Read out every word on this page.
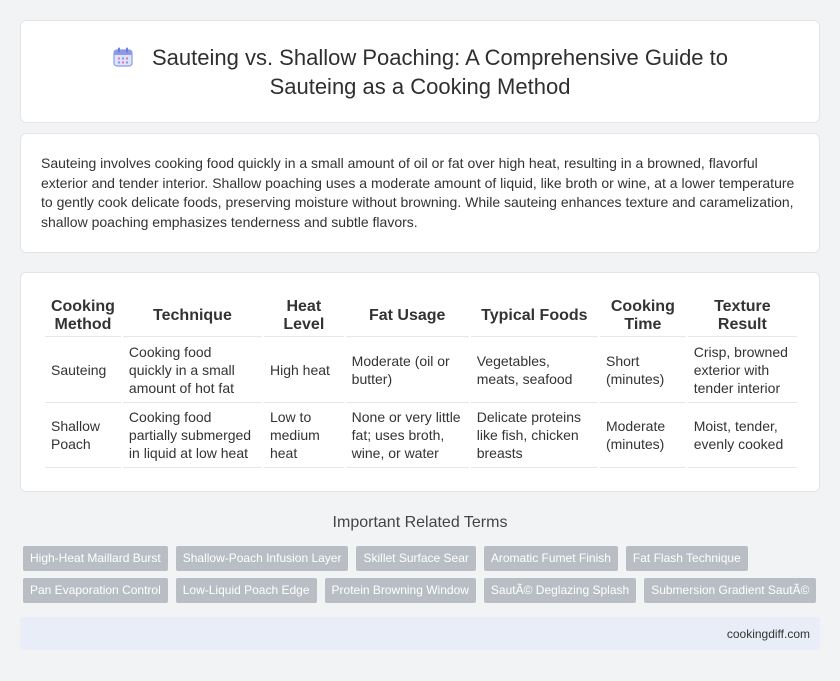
Sauteing vs. Shallow Poaching: A Comprehensive Guide to
Sauteing as a Cooking Method

Sauteing involves cooking food quickly in a small amount of oil or fat over high heat, resulting in a browned, flavorful exterior and tender interior. Shallow poaching uses a moderate amount of liquid, like broth or wine, at a lower temperature to gently cook delicate foods, preserving moisture without browning. While sauteing enhances texture and caramelization, shallow poaching emphasizes tenderness and subtle flavors.

Cooking Method	Technique	Heat Level	Fat Usage	Typical Foods	Cooking Time	Texture Result
Sauteing	Cooking food quickly in a small amount of hot fat	High heat	Moderate (oil or butter)	Vegetables, meats, seafood	Short (minutes)	Crisp, browned exterior with tender interior
Shallow Poach	Cooking food partially submerged in liquid at low heat	Low to medium heat	None or very little fat; uses broth, wine, or water	Delicate proteins like fish, chicken breasts	Moderate (minutes)	Moist, tender, evenly cooked
Important Related Terms
High-Heat Maillard Burst	Shallow-Poach Infusion Layer	Skillet Surface Sear	Aromatic Fumet Finish	Fat Flash Technique
Pan Evaporation Control	Low-Liquid Poach Edge	Protein Browning Window	SautÃ© Deglazing Splash	Submersion Gradient SautÃ©
cookingdiff.com
